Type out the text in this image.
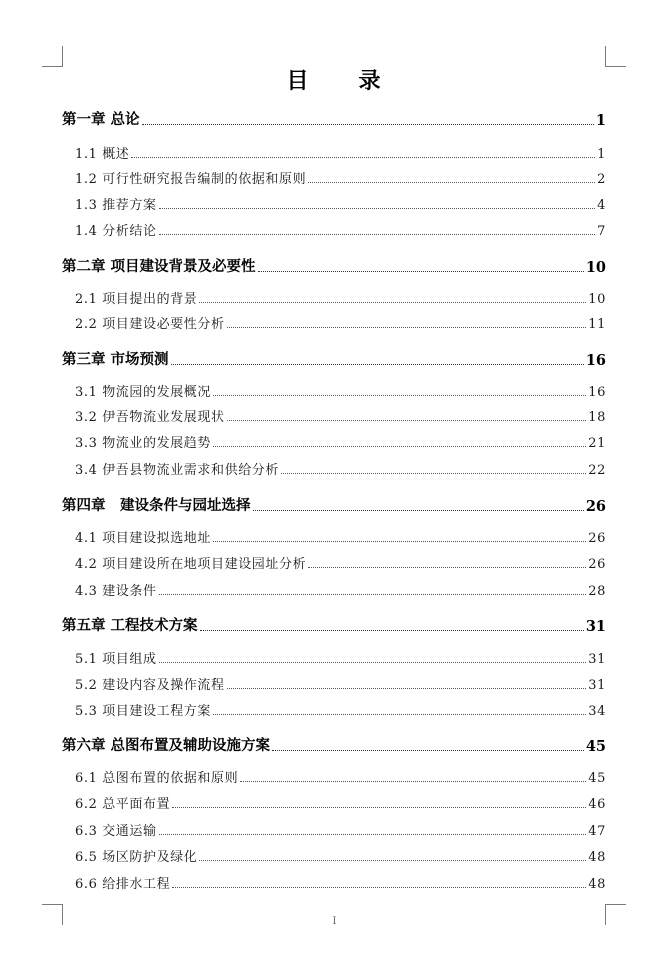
目　　录
第一章 总论	1
1.1 概述	1
1.2 可行性研究报告编制的依据和原则	2
1.3 推荐方案	4
1.4 分析结论	7
第二章 项目建设背景及必要性	10
2.1 项目提出的背景	10
2.2 项目建设必要性分析	11
第三章 市场预测	16
3.1 物流园的发展概况	16
3.2 伊吾物流业发展现状	18
3.3 物流业的发展趋势	21
3.4 伊吾县物流业需求和供给分析	22
第四章　建设条件与园址选择	26
4.1 项目建设拟选地址	26
4.2 项目建设所在地项目建设园址分析	26
4.3 建设条件	28
第五章 工程技术方案	31
5.1 项目组成	31
5.2 建设内容及操作流程	31
5.3 项目建设工程方案	34
第六章 总图布置及辅助设施方案	45
6.1 总图布置的依据和原则	45
6.2 总平面布置	46
6.3 交通运输	47
6.5 场区防护及绿化	48
6.6 给排水工程	48
I
